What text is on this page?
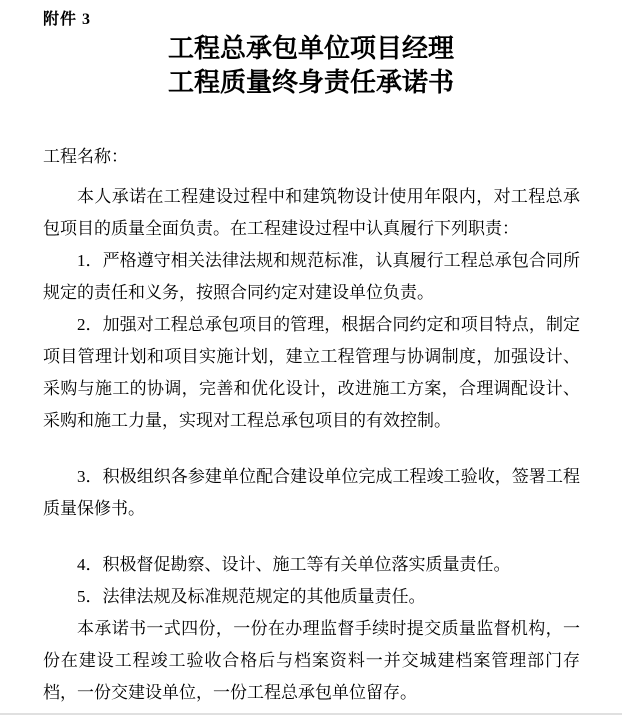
附件 3
工程总承包单位项目经理
工程质量终身责任承诺书

工程名称：

本人承诺在工程建设过程中和建筑物设计使用年限内，对工程总承包项目的质量全面负责。在工程建设过程中认真履行下列职责：

1．严格遵守相关法律法规和规范标准，认真履行工程总承包合同所规定的责任和义务，按照合同约定对建设单位负责。

2．加强对工程总承包项目的管理，根据合同约定和项目特点，制定项目管理计划和项目实施计划，建立工程管理与协调制度，加强设计、采购与施工的协调，完善和优化设计，改进施工方案，合理调配设计、采购和施工力量，实现对工程总承包项目的有效控制。

3．积极组织各参建单位配合建设单位完成工程竣工验收，签署工程质量保修书。

4．积极督促勘察、设计、施工等有关单位落实质量责任。

5．法律法规及标准规范规定的其他质量责任。

本承诺书一式四份，一份在办理监督手续时提交质量监督机构，一份在建设工程竣工验收合格后与档案资料一并交城建档案管理部门存档，一份交建设单位，一份工程总承包单位留存。
